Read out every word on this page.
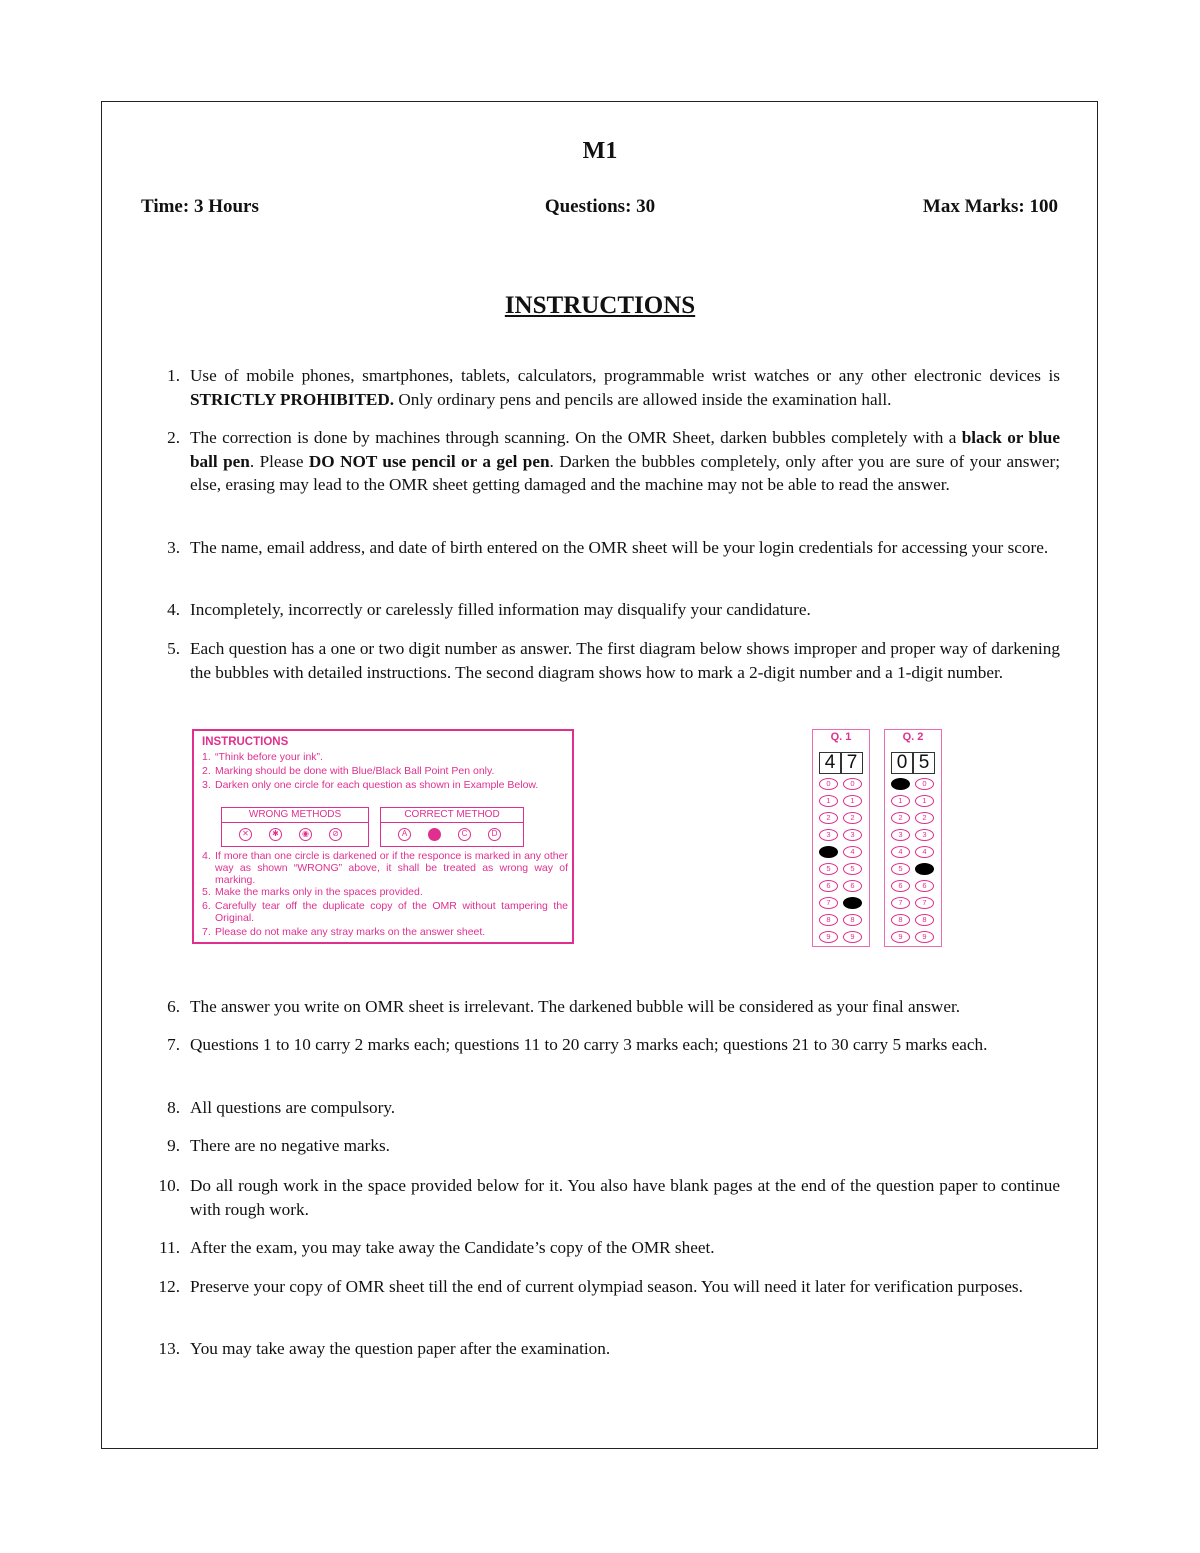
M1
Time: 3 Hours	Questions: 30	Max Marks: 100
INSTRUCTIONS
1. Use of mobile phones, smartphones, tablets, calculators, programmable wrist watches or any other electronic devices is STRICTLY PROHIBITED. Only ordinary pens and pencils are allowed inside the examination hall.
2. The correction is done by machines through scanning. On the OMR Sheet, darken bubbles completely with a black or blue ball pen. Please DO NOT use pencil or a gel pen. Darken the bubbles completely, only after you are sure of your answer; else, erasing may lead to the OMR sheet getting damaged and the machine may not be able to read the answer.
3. The name, email address, and date of birth entered on the OMR sheet will be your login credentials for accessing your score.
4. Incompletely, incorrectly or carelessly filled information may disqualify your candidature.
5. Each question has a one or two digit number as answer. The first diagram below shows improper and proper way of darkening the bubbles with detailed instructions. The second diagram shows how to mark a 2-digit number and a 1-digit number.
INSTRUCTIONS
1. “Think before your ink”.
2. Marking should be done with Blue/Black Ball Point Pen only.
3. Darken only one circle for each question as shown in Example Below.
WRONG METHODS
✕	✱	◉	⊘
CORRECT METHOD
A	C	D
4. If more than one circle is darkened or if the responce is marked in any other way as shown “WRONG” above, it shall be treated as wrong way of marking.
5. Make the marks only in the spaces provided.
6. Carefully tear off the duplicate copy of the OMR without tampering the Original.
7. Please do not make any stray marks on the answer sheet.
Q. 1
4 7
0	0
1	1
2	2
3	3
4	4
5	5
6	6
7	7
8	8
9	9
Q. 2
0 5
0	0
1	1
2	2
3	3
4	4
5	5
6	6
7	7
8	8
9	9
6. The answer you write on OMR sheet is irrelevant. The darkened bubble will be considered as your final answer.
7. Questions 1 to 10 carry 2 marks each; questions 11 to 20 carry 3 marks each; questions 21 to 30 carry 5 marks each.
8. All questions are compulsory.
9. There are no negative marks.
10. Do all rough work in the space provided below for it. You also have blank pages at the end of the question paper to continue with rough work.
11. After the exam, you may take away the Candidate’s copy of the OMR sheet.
12. Preserve your copy of OMR sheet till the end of current olympiad season. You will need it later for verification purposes.
13. You may take away the question paper after the examination.
